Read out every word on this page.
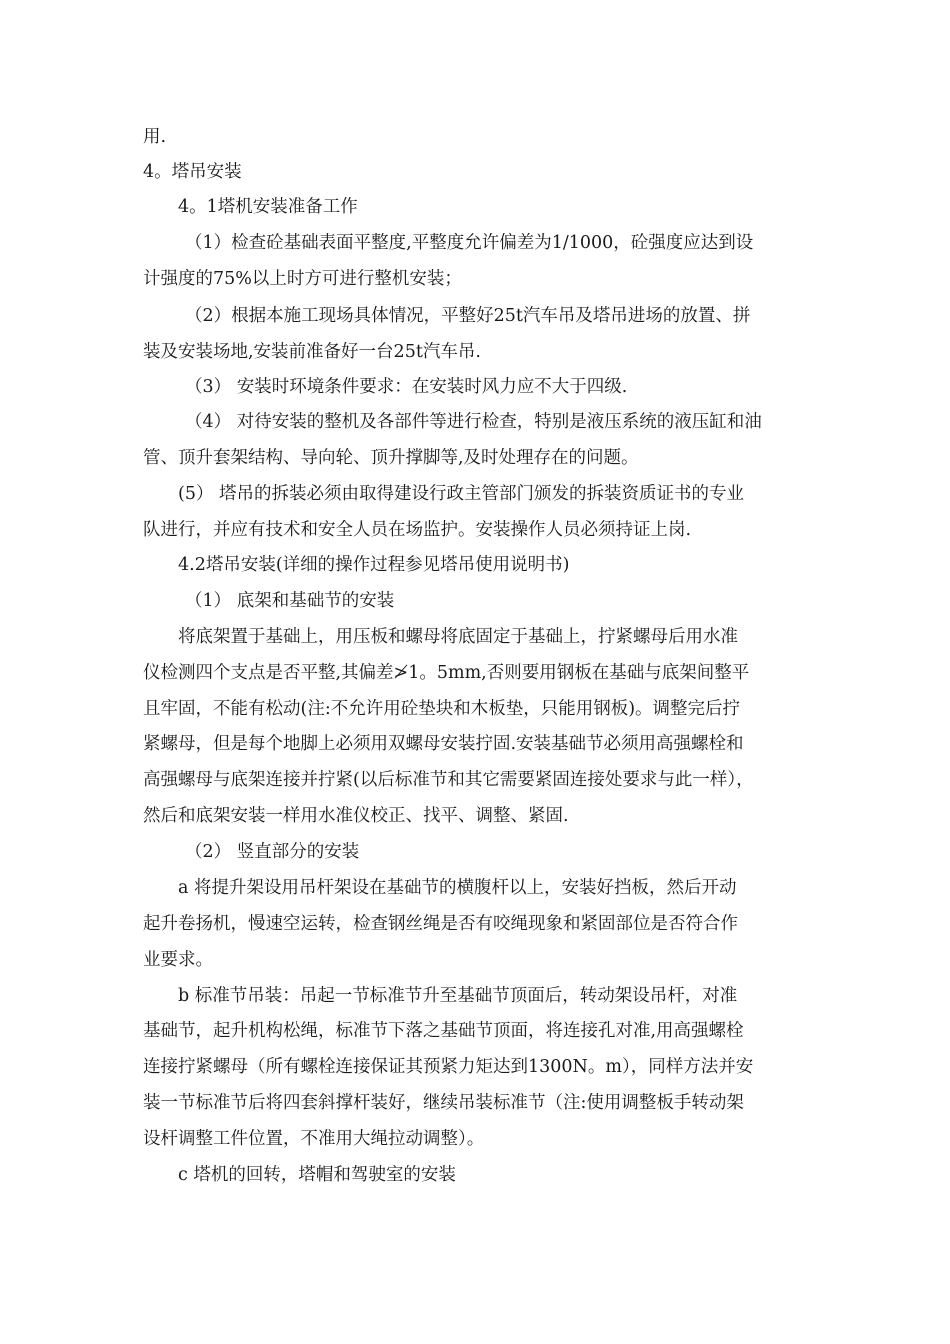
用.
4。塔吊安装
4。1塔机安装准备工作
（1）检查砼基础表面平整度,平整度允许偏差为1/1000，砼强度应达到设
计强度的75%以上时方可进行整机安装；
（2）根据本施工现场具体情况，平整好25t汽车吊及塔吊进场的放置、拼
装及安装场地,安装前准备好一台25t汽车吊.
（3） 安装时环境条件要求：在安装时风力应不大于四级.
（4） 对待安装的整机及各部件等进行检查，特别是液压系统的液压缸和油
管、顶升套架结构、导向轮、顶升撑脚等,及时处理存在的问题。
(5） 塔吊的拆装必须由取得建设行政主管部门颁发的拆装资质证书的专业
队进行，并应有技术和安全人员在场监护。安装操作人员必须持证上岗.
4.2塔吊安装(详细的操作过程参见塔吊使用说明书)
（1） 底架和基础节的安装
将底架置于基础上，用压板和螺母将底固定于基础上，拧紧螺母后用水准
仪检测四个支点是否平整,其偏差≯1。5mm,否则要用钢板在基础与底架间整平
且牢固，不能有松动(注:不允许用砼垫块和木板垫，只能用钢板)。调整完后拧
紧螺母，但是每个地脚上必须用双螺母安装拧固.安装基础节必须用高强螺栓和
高强螺母与底架连接并拧紧(以后标准节和其它需要紧固连接处要求与此一样），
然后和底架安装一样用水准仪校正、找平、调整、紧固.
（2） 竖直部分的安装
a 将提升架设用吊杆架设在基础节的横腹杆以上，安装好挡板，然后开动
起升卷扬机，慢速空运转，检查钢丝绳是否有咬绳现象和紧固部位是否符合作
业要求。
b 标准节吊装：吊起一节标准节升至基础节顶面后，转动架设吊杆，对准
基础节，起升机构松绳，标准节下落之基础节顶面，将连接孔对准,用高强螺栓
连接拧紧螺母（所有螺栓连接保证其预紧力矩达到1300N。m），同样方法并安
装一节标准节后将四套斜撑杆装好，继续吊装标准节（注:使用调整板手转动架
设杆调整工件位置，不准用大绳拉动调整）。
c 塔机的回转，塔帽和驾驶室的安装
